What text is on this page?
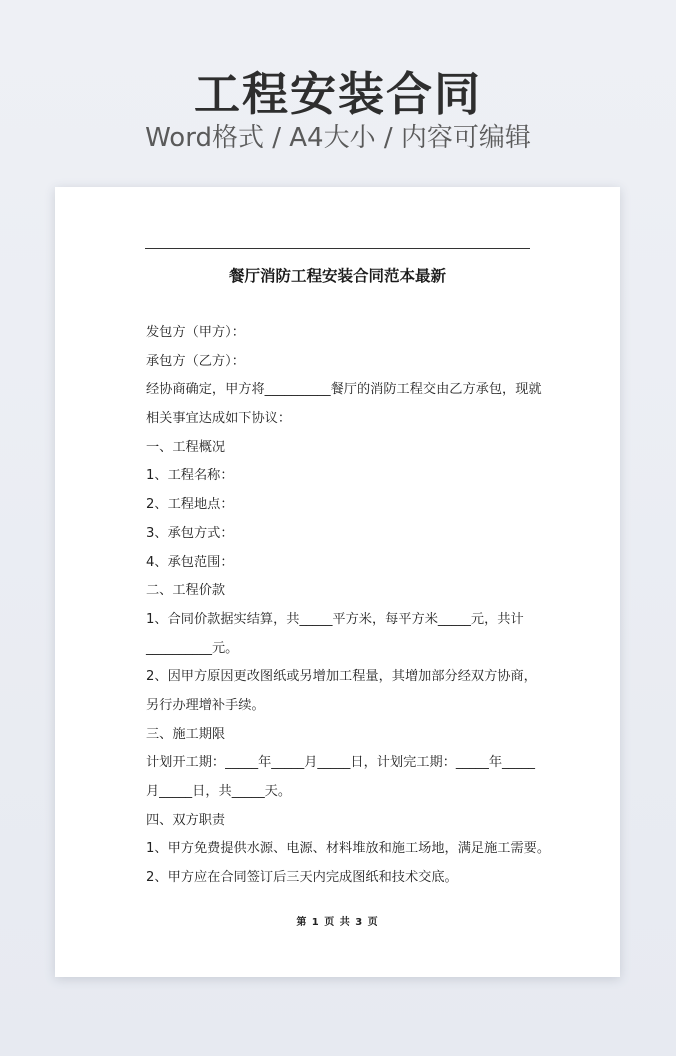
工程安装合同
Word格式 / A4大小 / 内容可编辑
餐厅消防工程安装合同范本最新
发包方（甲方）：
承包方（乙方）：
经协商确定，甲方将__________餐厅的消防工程交由乙方承包，现就
相关事宜达成如下协议：
一、工程概况
1、工程名称：
2、工程地点：
3、承包方式：
4、承包范围：
二、工程价款
1、合同价款据实结算，共_____平方米，每平方米_____元，共计
__________元。
2、因甲方原因更改图纸或另增加工程量，其增加部分经双方协商，
另行办理增补手续。
三、施工期限
计划开工期：_____年_____月_____日，计划完工期：_____年_____
月_____日，共_____天。
四、双方职责
1、甲方免费提供水源、电源、材料堆放和施工场地，满足施工需要。
2、甲方应在合同签订后三天内完成图纸和技术交底。
第 1 页 共 3 页
